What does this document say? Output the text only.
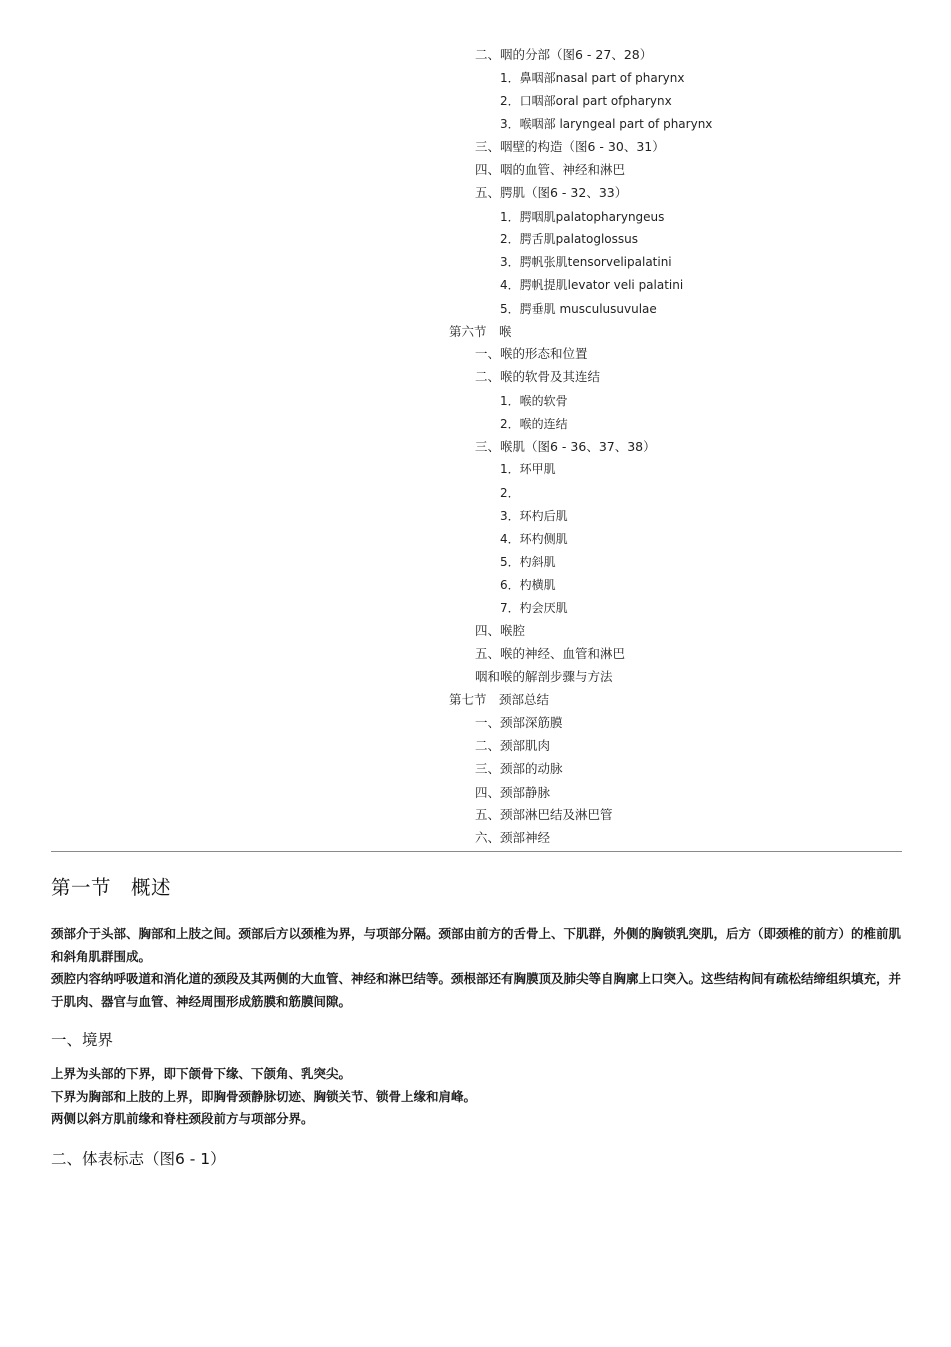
二、咽的分部（图6 - 27、28）
1．鼻咽部nasal part of pharynx
2．口咽部oral part ofpharynx
3．喉咽部 laryngeal part of pharynx
三、咽壁的构造（图6 - 30、31）
四、咽的血管、神经和淋巴
五、腭肌（图6 - 32、33）
1．腭咽肌palatopharyngeus
2．腭舌肌palatoglossus
3．腭帆张肌tensorvelipalatini
4．腭帆提肌levator veli palatini
5．腭垂肌 musculusuvulae
第六节　喉
一、喉的形态和位置
二、喉的软骨及其连结
1．喉的软骨
2．喉的连结
三、喉肌（图6 - 36、37、38）
1．环甲肌
2．
3．环杓后肌
4．环杓侧肌
5．杓斜肌
6．杓横肌
7．杓会厌肌
四、喉腔
五、喉的神经、血管和淋巴
咽和喉的解剖步骤与方法
第七节　颈部总结
一、颈部深筋膜
二、颈部肌肉
三、颈部的动脉
四、颈部静脉
五、颈部淋巴结及淋巴管
六、颈部神经
第一节　概述
颈部介于头部、胸部和上肢之间。颈部后方以颈椎为界，与项部分隔。颈部由前方的舌骨上、下肌群，外侧的胸锁乳突肌，后方（即颈椎的前方）的椎前肌和斜角肌群围成。
颈腔内容纳呼吸道和消化道的颈段及其两侧的大血管、神经和淋巴结等。颈根部还有胸膜顶及肺尖等自胸廓上口突入。这些结构间有疏松结缔组织填充，并于肌肉、器官与血管、神经周围形成筋膜和筋膜间隙。
一、境界
上界为头部的下界，即下颌骨下缘、下颌角、乳突尖。
下界为胸部和上肢的上界，即胸骨颈静脉切迹、胸锁关节、锁骨上缘和肩峰。
两侧以斜方肌前缘和脊柱颈段前方与项部分界。
二、体表标志（图6 - 1）
